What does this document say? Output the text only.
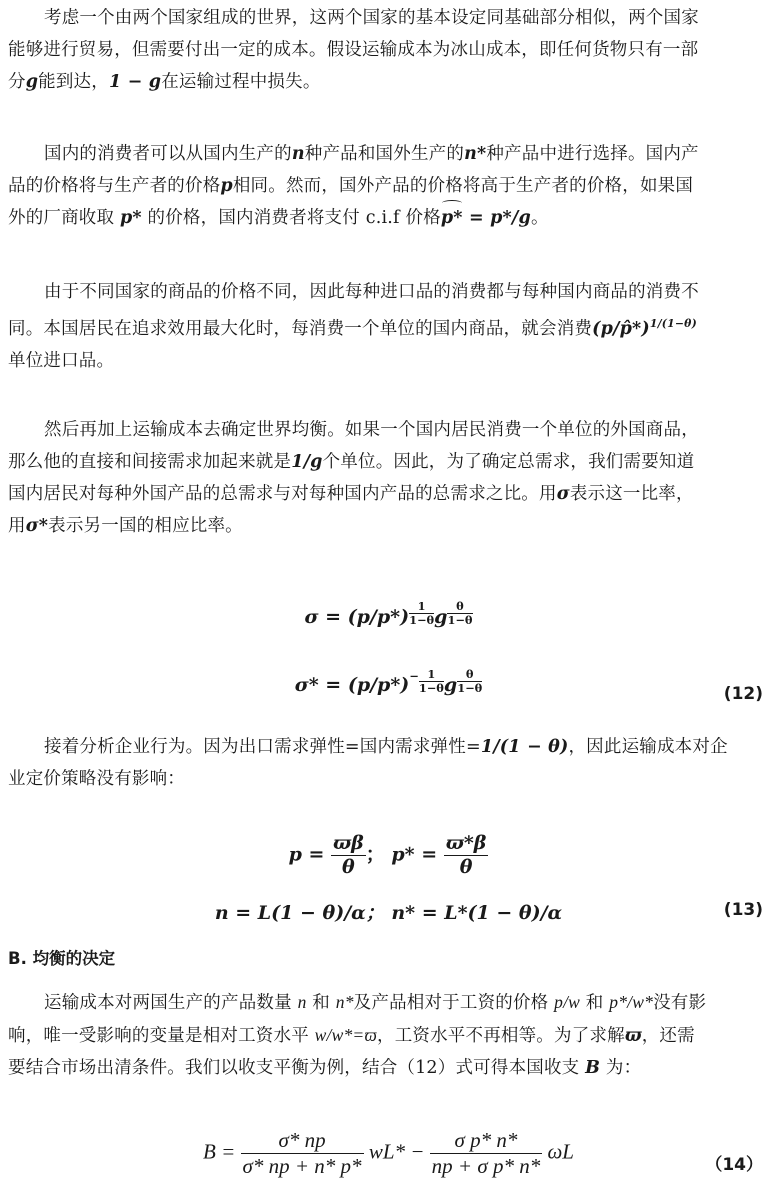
考虑一个由两个国家组成的世界，这两个国家的基本设定同基础部分相似，两个国家
能够进行贸易，但需要付出一定的成本。假设运输成本为冰山成本，即任何货物只有一部
分g能到达，1 − g在运输过程中损失。
国内的消费者可以从国内生产的n种产品和国外生产的n*种产品中进行选择。国内产
品的价格将与生产者的价格p相同。然而，国外产品的价格将高于生产者的价格，如果国
外的厂商收取 p* 的价格，国内消费者将支付 c.i.f 价格p* = p*/g。
由于不同国家的商品的价格不同，因此每种进口品的消费都与每种国内商品的消费不
同。本国居民在追求效用最大化时，每消费一个单位的国内商品，就会消费(p/p̂*)$^{1/(1-\theta)}$
单位进口品。
然后再加上运输成本去确定世界均衡。如果一个国内居民消费一个单位的外国商品，
那么他的直接和间接需求加起来就是1/g个单位。因此，为了确定总需求，我们需要知道
国内居民对每种外国产品的总需求与对每种国内产品的总需求之比。用σ表示这一比率，
用σ*表示另一国的相应比率。
$\sigma = (p/p*) \frac{1}{1-\theta}$ g $\frac{\theta}{1-\theta}$
$\sigma* = (p/p*)- \frac{1}{1-\theta}$ g $\frac{\theta}{1-\theta}$	(12)
接着分析企业行为。因为出口需求弹性=国内需求弹性=1/(1 − θ)，因此运输成本对企
业定价策略没有影响：
$p = \frac{ϖ\beta}{\theta}$ ； $p* = \frac{ϖ*\beta}{\theta}$
n = L(1 − θ)/α； n* = L*(1 − θ)/α	(13)
B. 均衡的决定
运输成本对两国生产的产品数量 n 和 n*及产品相对于工资的价格 p/w 和 p*/w*没有影
响，唯一受影响的变量是相对工资水平 w/w*=ϖ，工资水平不再相等。为了求解ϖ，还需
要结合市场出清条件。我们以收支平衡为例，结合（12）式可得本国收支 B 为：
$B = \frac{\sigma* np}{\sigma* np + n* p*} wL* - \frac{\text{σ p* n*}}{\text{np + σ p* n*}}$ ωL
（14）
